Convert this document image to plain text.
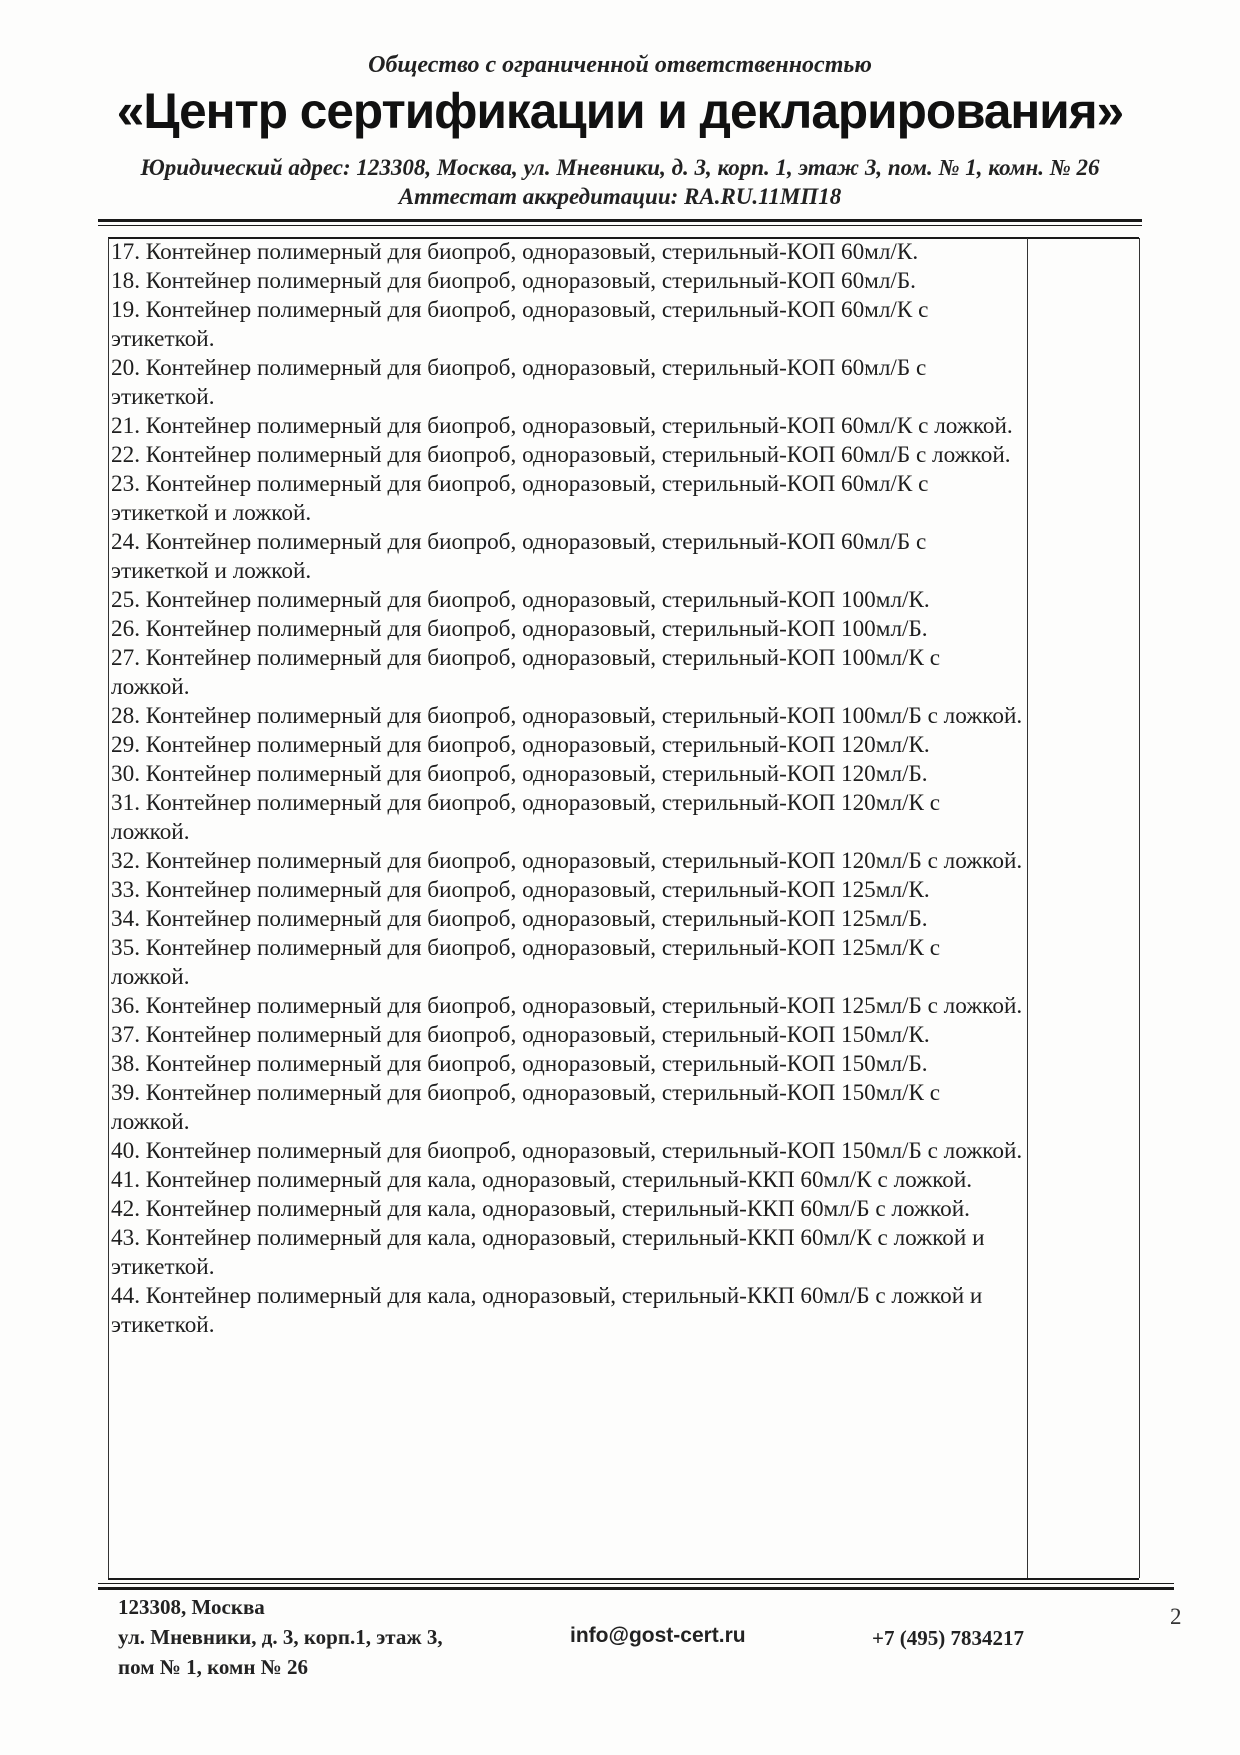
Общество с ограниченной ответственностью
«Центр сертификации и декларирования»
Юридический адрес: 123308, Москва, ул. Мневники, д. 3, корп. 1, этаж 3, пом. № 1, комн. № 26
Аттестат аккредитации: RA.RU.11МП18
17. Контейнер полимерный для биопроб, одноразовый, стерильный-КОП 60мл/К.
18. Контейнер полимерный для биопроб, одноразовый, стерильный-КОП 60мл/Б.
19. Контейнер полимерный для биопроб, одноразовый, стерильный-КОП 60мл/К с этикеткой.
20. Контейнер полимерный для биопроб, одноразовый, стерильный-КОП 60мл/Б с этикеткой.
21. Контейнер полимерный для биопроб, одноразовый, стерильный-КОП 60мл/К с ложкой.
22. Контейнер полимерный для биопроб, одноразовый, стерильный-КОП 60мл/Б с ложкой.
23. Контейнер полимерный для биопроб, одноразовый, стерильный-КОП 60мл/К с этикеткой и ложкой.
24. Контейнер полимерный для биопроб, одноразовый, стерильный-КОП 60мл/Б с этикеткой и ложкой.
25. Контейнер полимерный для биопроб, одноразовый, стерильный-КОП 100мл/К.
26. Контейнер полимерный для биопроб, одноразовый, стерильный-КОП 100мл/Б.
27. Контейнер полимерный для биопроб, одноразовый, стерильный-КОП 100мл/К с ложкой.
28. Контейнер полимерный для биопроб, одноразовый, стерильный-КОП 100мл/Б с ложкой.
29. Контейнер полимерный для биопроб, одноразовый, стерильный-КОП 120мл/К.
30. Контейнер полимерный для биопроб, одноразовый, стерильный-КОП 120мл/Б.
31. Контейнер полимерный для биопроб, одноразовый, стерильный-КОП 120мл/К с ложкой.
32. Контейнер полимерный для биопроб, одноразовый, стерильный-КОП 120мл/Б с ложкой.
33. Контейнер полимерный для биопроб, одноразовый, стерильный-КОП 125мл/К.
34. Контейнер полимерный для биопроб, одноразовый, стерильный-КОП 125мл/Б.
35. Контейнер полимерный для биопроб, одноразовый, стерильный-КОП 125мл/К с ложкой.
36. Контейнер полимерный для биопроб, одноразовый, стерильный-КОП 125мл/Б с ложкой.
37. Контейнер полимерный для биопроб, одноразовый, стерильный-КОП 150мл/К.
38. Контейнер полимерный для биопроб, одноразовый, стерильный-КОП 150мл/Б.
39. Контейнер полимерный для биопроб, одноразовый, стерильный-КОП 150мл/К с ложкой.
40. Контейнер полимерный для биопроб, одноразовый, стерильный-КОП 150мл/Б с ложкой.
41. Контейнер полимерный для кала, одноразовый, стерильный-ККП 60мл/К с ложкой.
42. Контейнер полимерный для кала, одноразовый, стерильный-ККП 60мл/Б с ложкой.
43. Контейнер полимерный для кала, одноразовый, стерильный-ККП 60мл/К с ложкой и этикеткой.
44. Контейнер полимерный для кала, одноразовый, стерильный-ККП 60мл/Б с ложкой и этикеткой.
123308, Москва
ул. Мневники, д. 3, корп.1, этаж 3,
пом № 1, комн № 26
info@gost-cert.ru	+7 (495) 7834217
2
